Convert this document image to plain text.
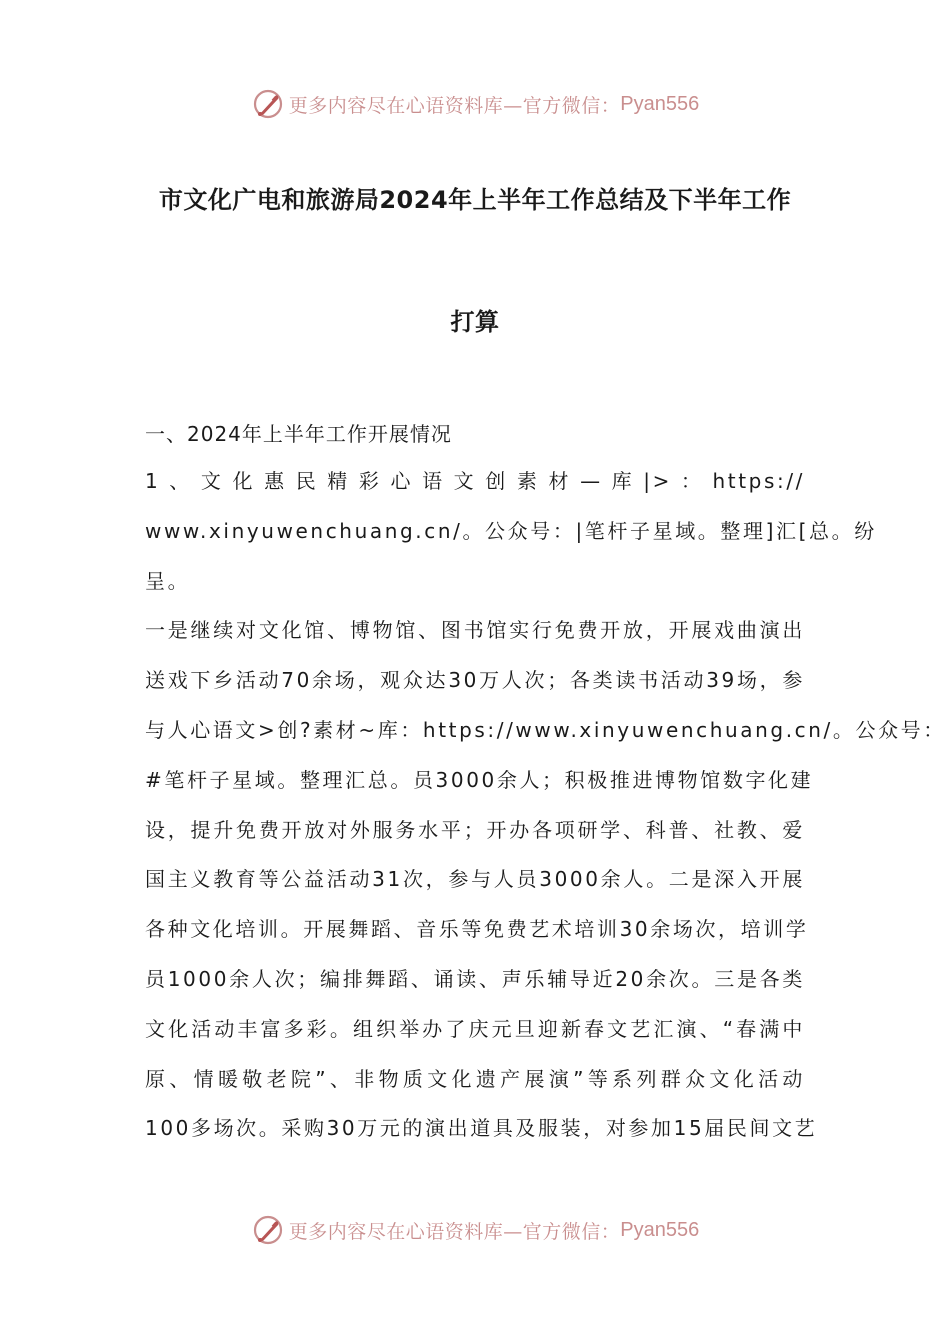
更多内容尽在心语资料库—官方微信： Pyan556
市文化广电和旅游局2024年上半年工作总结及下半年工作
打算

一、2024年上半年工作开展情况

1 、 文 化 惠 民 精 彩 心 语 文 创 素 材 — 库 |> ： https://
www.xinyuwenchuang.cn/。公众号：|笔杆子星域。整理]汇[总。纷
呈。

一是继续对文化馆、博物馆、图书馆实行免费开放，开展戏曲演出
送戏下乡活动70余场，观众达30万人次；各类读书活动39场，参
与人心语文>创?素材~库：https://www.xinyuwenchuang.cn/。公众号：
#笔杆子星域。整理汇总。员3000余人；积极推进博物馆数字化建
设，提升免费开放对外服务水平；开办各项研学、科普、社教、爱
国主义教育等公益活动31次，参与人员3000余人。二是深入开展
各种文化培训。开展舞蹈、音乐等免费艺术培训30余场次，培训学
员1000余人次；编排舞蹈、诵读、声乐辅导近20余次。三是各类
文化活动丰富多彩。组织举办了庆元旦迎新春文艺汇演、“春满中
原、情暖敬老院”、非物质文化遗产展演”等系列群众文化活动
100多场次。采购30万元的演出道具及服装，对参加15届民间文艺

更多内容尽在心语资料库—官方微信： Pyan556
